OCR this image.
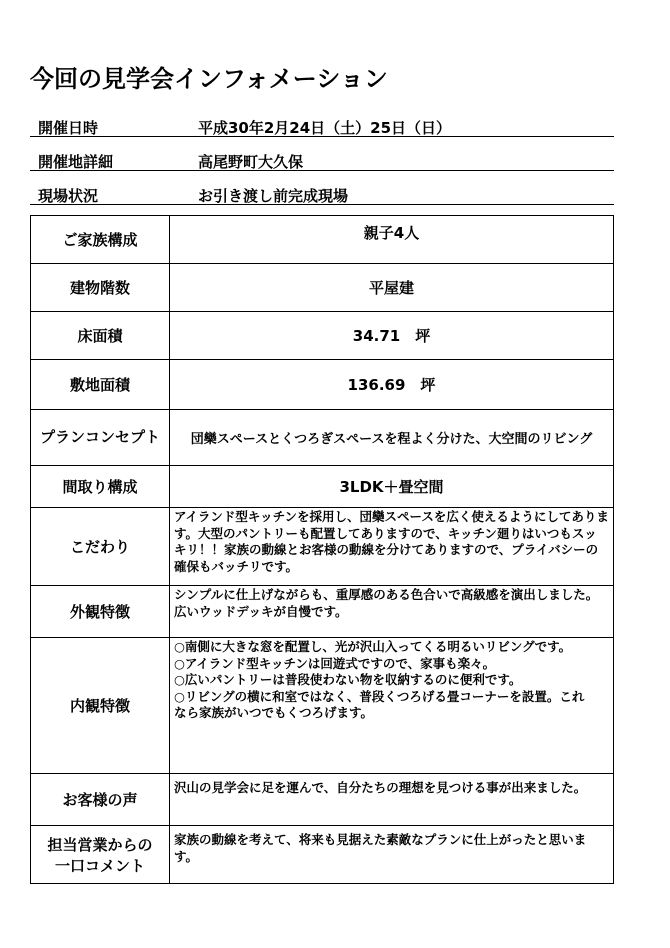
今回の見学会インフォメーション
開催日時	平成30年2月24日（土）25日（日）
開催地詳細	高尾野町大久保
現場状況	お引き渡し前完成現場
ご家族構成	親子4人
建物階数	平屋建
床面積	34.71　坪
敷地面積	136.69　坪
プランコンセプト	団欒スペースとくつろぎスペースを程よく分けた、大空間のリビング
間取り構成	3LDK＋畳空間
こだわり	アイランド型キッチンを採用し、団欒スペースを広く使えるようにしてあります。大型のパントリーも配置してありますので、キッチン廻りはいつもスッキリ！！家族の動線とお客様の動線を分けてありますので、プライバシーの確保もバッチリです。
外観特徴	シンプルに仕上げながらも、重厚感のある色合いで高級感を演出しました。広いウッドデッキが自慢です。
内観特徴	○南側に大きな窓を配置し、光が沢山入ってくる明るいリビングです。
○アイランド型キッチンは回遊式ですので、家事も楽々。
○広いパントリーは普段使わない物を収納するのに便利です。
○リビングの横に和室ではなく、普段くつろげる畳コーナーを設置。これ　 なら家族がいつでもくつろげます。

お客様の声	沢山の見学会に足を運んで、自分たちの理想を見つける事が出来ました。

担当営業からの
一口コメント	家族の動線を考えて、将来も見据えた素敵なプランに仕上がったと思います。
